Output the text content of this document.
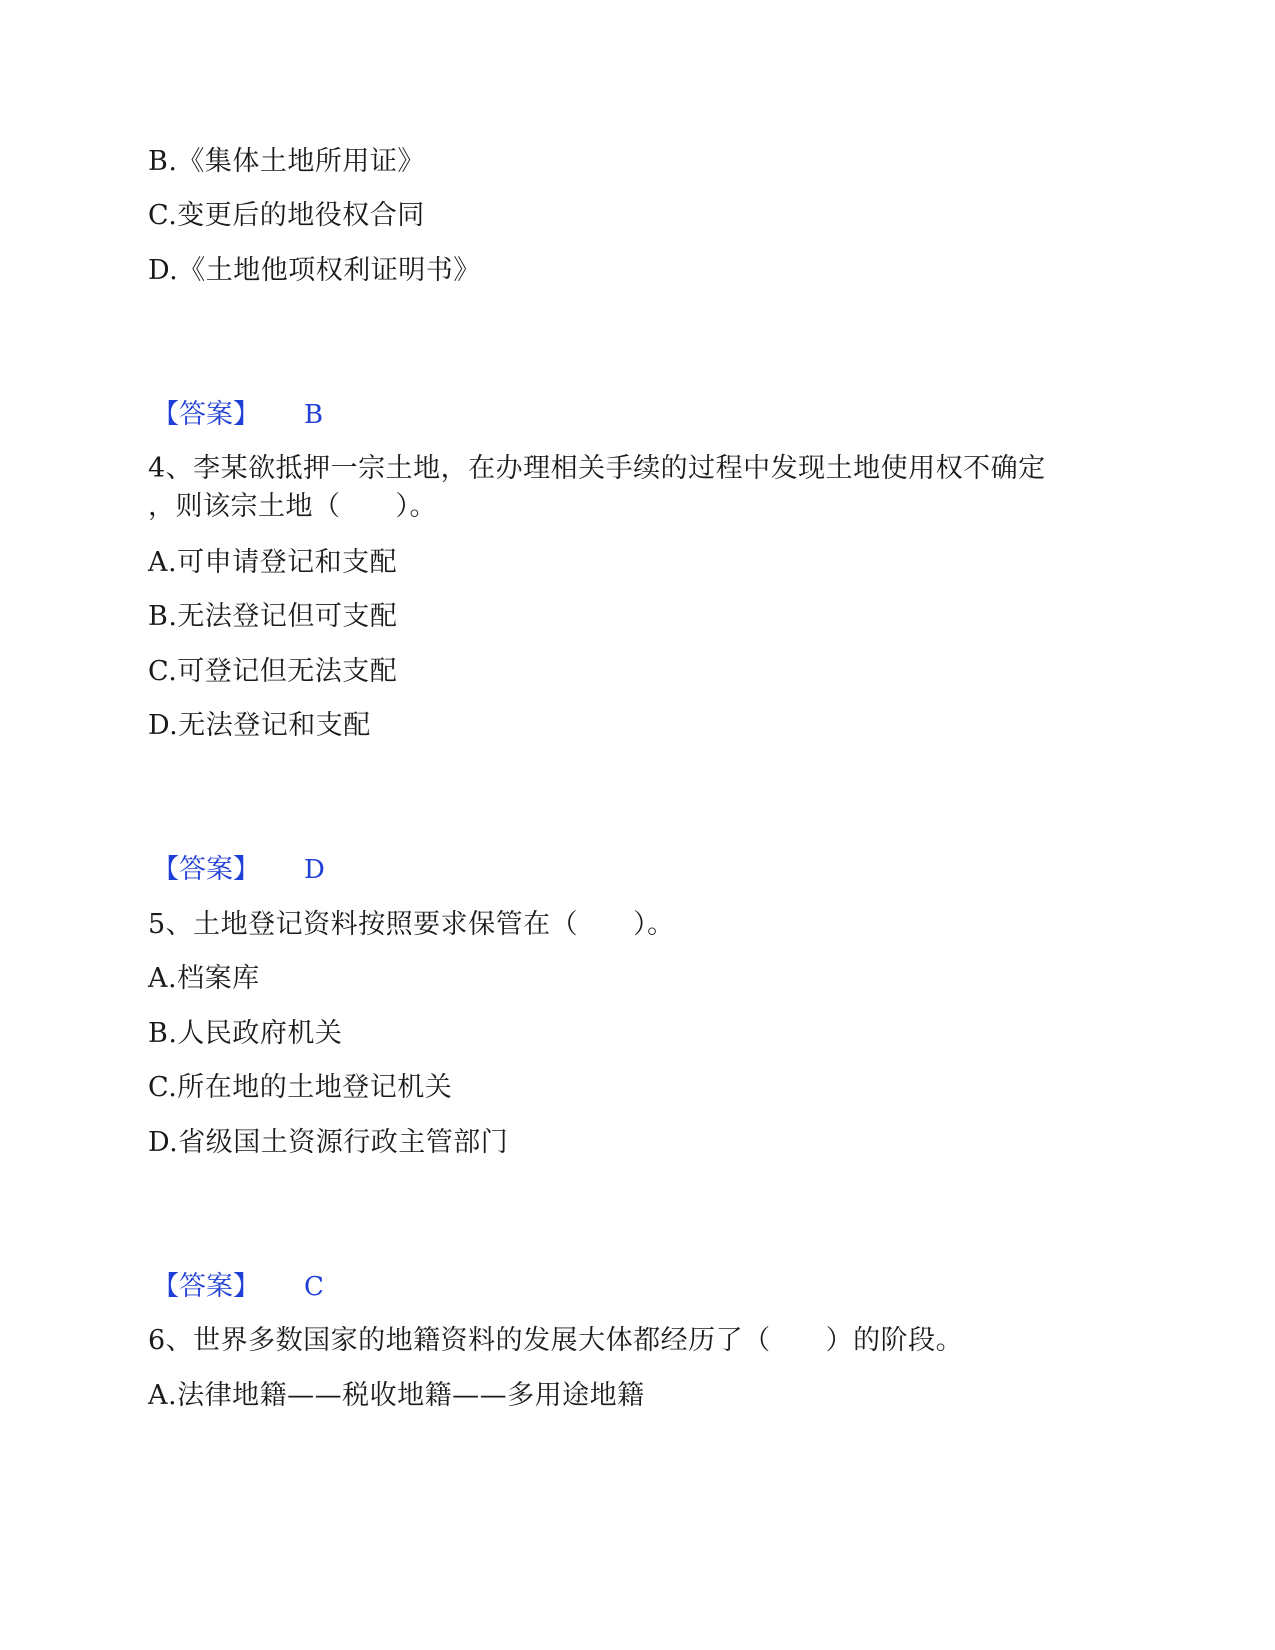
B.《集体土地所用证》
C.变更后的地役权合同
D.《土地他项权利证明书》
【答案】 B
4、李某欲抵押一宗土地，在办理相关手续的过程中发现土地使用权不确定
，则该宗土地（　　）。
A.可申请登记和支配
B.无法登记但可支配
C.可登记但无法支配
D.无法登记和支配
【答案】 D
5、土地登记资料按照要求保管在（　　）。
A.档案库
B.人民政府机关
C.所在地的土地登记机关
D.省级国土资源行政主管部门
【答案】 C
6、世界多数国家的地籍资料的发展大体都经历了（　　）的阶段。
A.法律地籍——税收地籍——多用途地籍
